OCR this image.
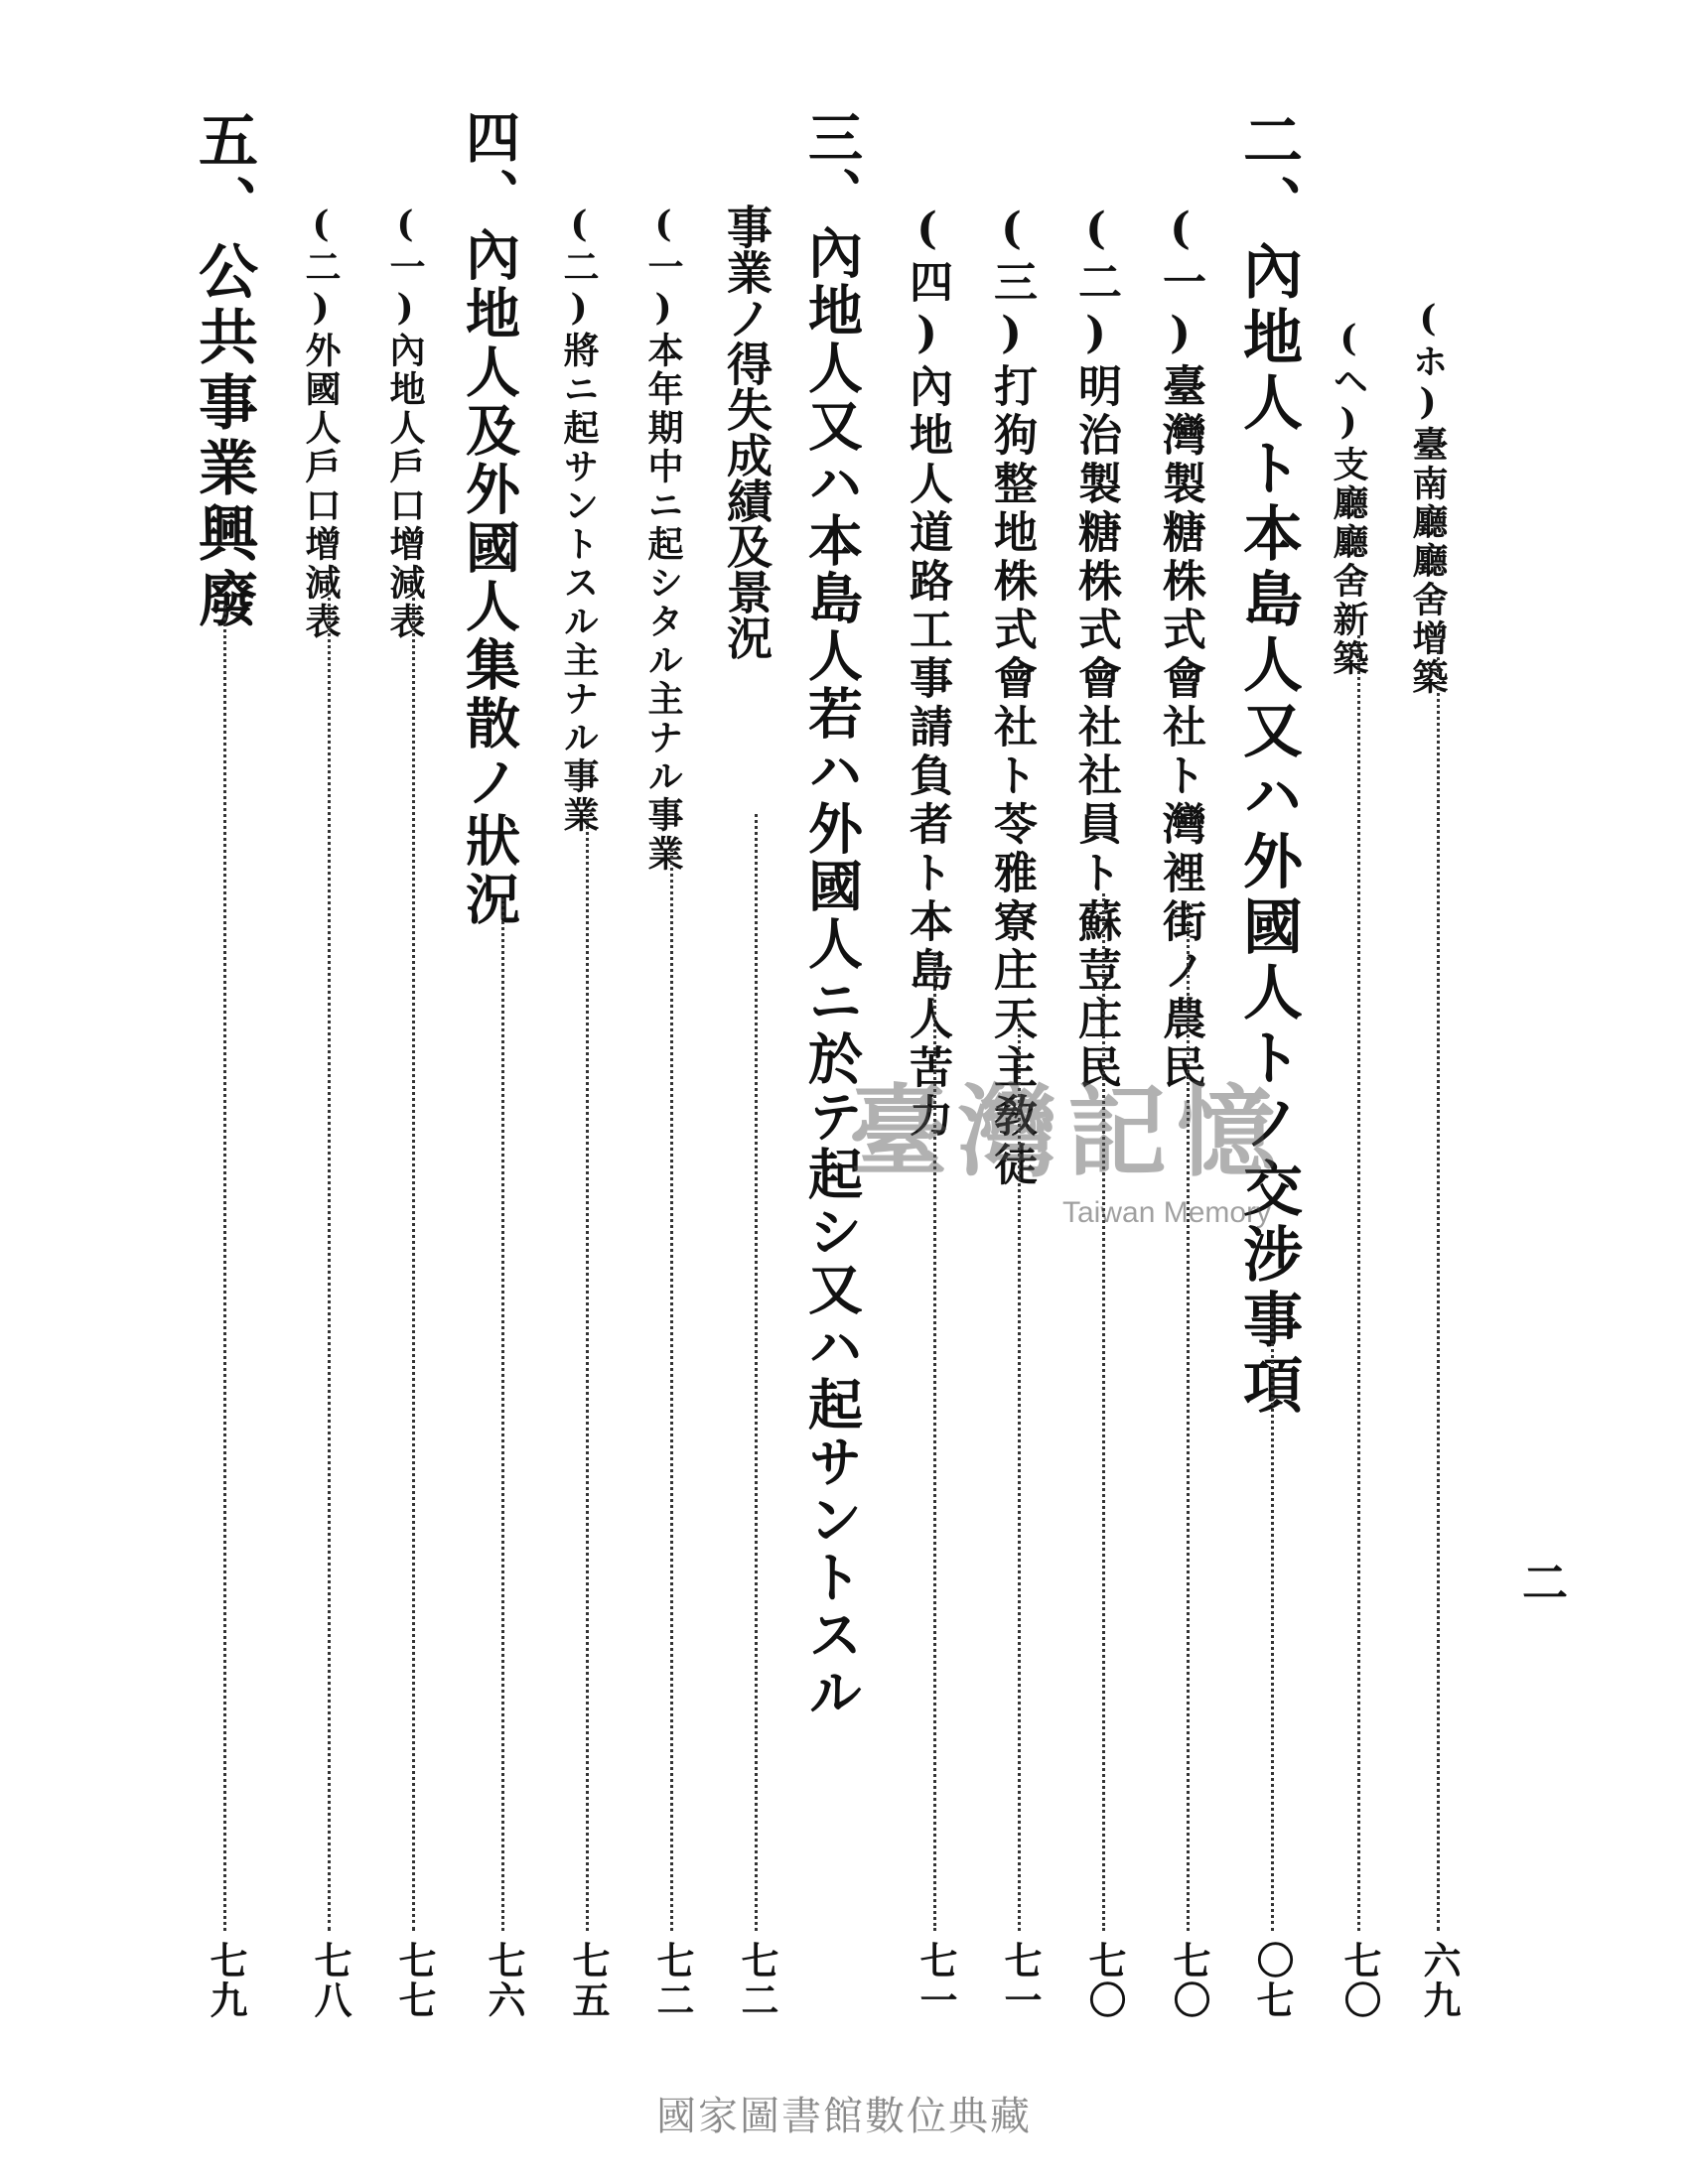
(ホ)臺南廳廳舍增築
六九
(ヘ)支廳廳舍新築
七〇
二、內地人ト本島人又ハ外國人トノ交涉事項
〇七
(一)臺灣製糖株式會社ト灣裡街ノ農民
七〇
(二)明治製糖株式會社社員ト蘇荳庄民
七〇
(三)打狗整地株式會社ト苓雅寮庄天主敎徒
七一
(四)內地人道路工事請負者ト本島人苦力
七一
三、內地人又ハ本島人若ハ外國人ニ於テ起シ又ハ起サントスル
事業ノ得失成績及景況
七二
(一)本年期中ニ起シタル主ナル事業
七二
(二)將ニ起サントスル主ナル事業
七五
四、內地人及外國人集散ノ狀況
七六
(一)內地人戶口增減表
七七
(二)外國人戶口增減表
七八
五、公共事業興廢
七九
二
臺灣記憶
Taiwan Memory
國家圖書館數位典藏
